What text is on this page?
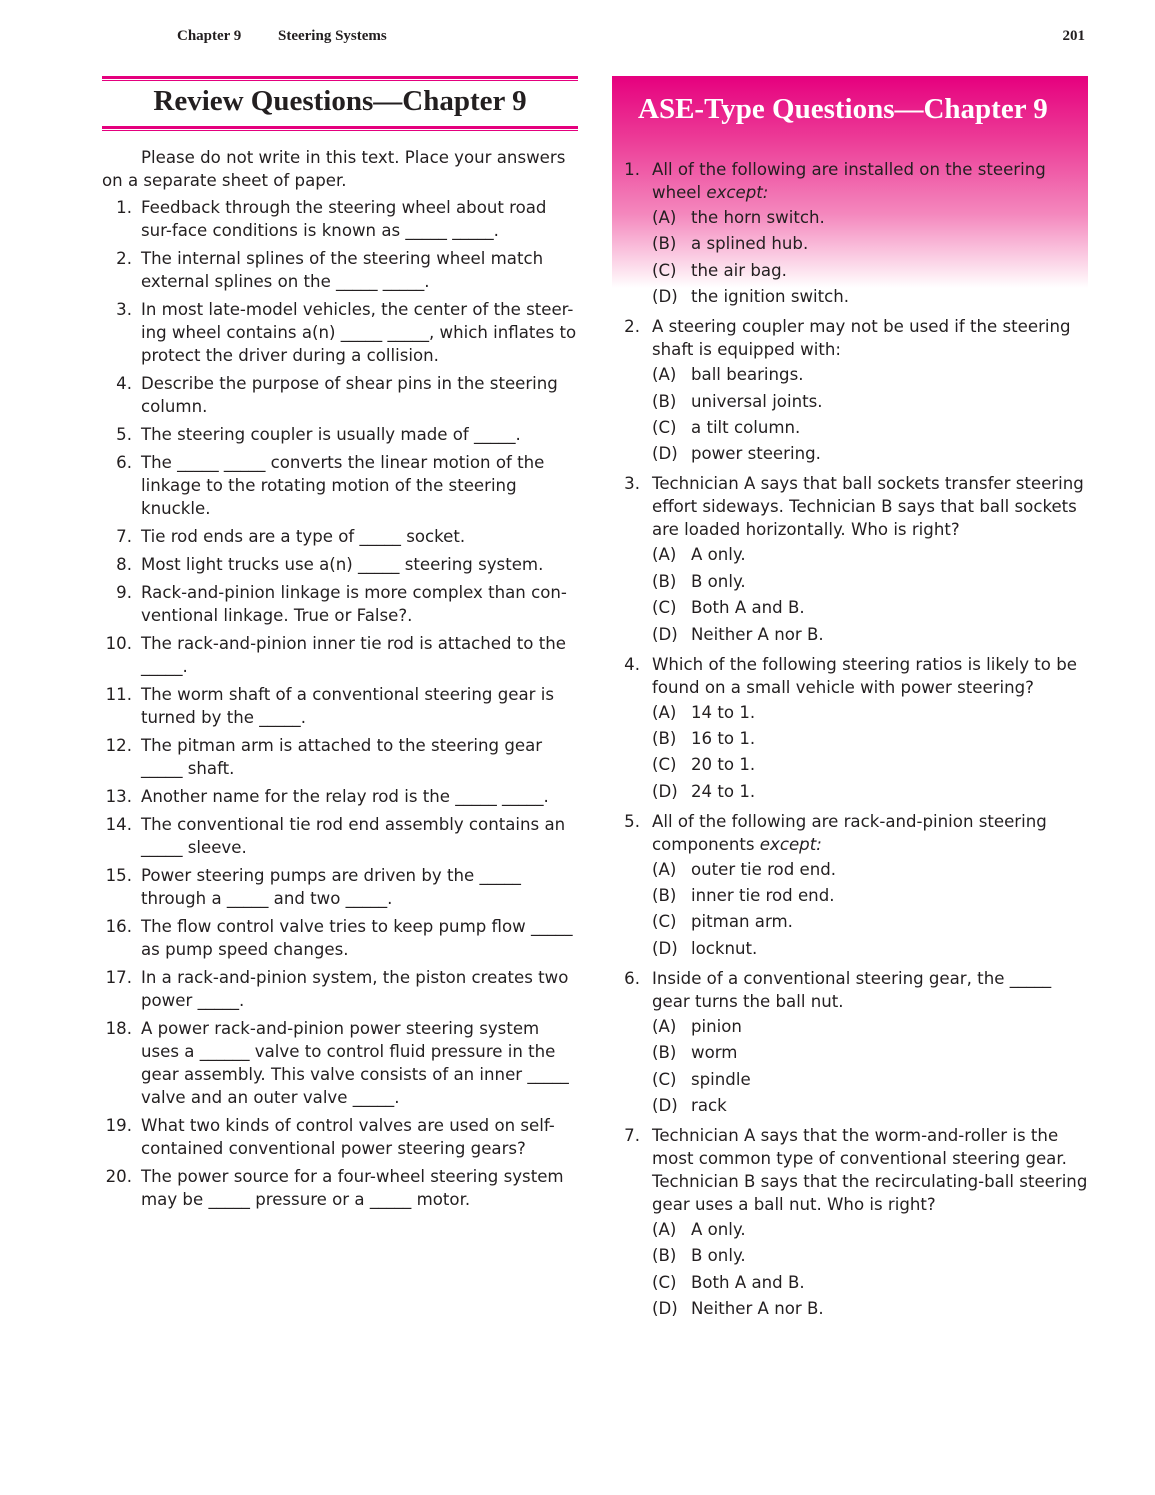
Chapter 9 Steering Systems	201
Review Questions—Chapter 9
Please do not write in this text. Place your answers on a separate sheet of paper.
1. Feedback through the steering wheel about road sur-face conditions is known as _____ _____.
2. The internal splines of the steering wheel match external splines on the _____ _____.
3. In most late-model vehicles, the center of the steer-ing wheel contains a(n) _____ _____, which inflates to protect the driver during a collision.
4. Describe the purpose of shear pins in the steering column.
5. The steering coupler is usually made of _____.
6. The _____ _____ converts the linear motion of the linkage to the rotating motion of the steering knuckle.
7. Tie rod ends are a type of _____ socket.
8. Most light trucks use a(n) _____ steering system.
9. Rack-and-pinion linkage is more complex than con-ventional linkage. True or False?.
10. The rack-and-pinion inner tie rod is attached to the _____.
11. The worm shaft of a conventional steering gear is turned by the _____.
12. The pitman arm is attached to the steering gear _____ shaft.
13. Another name for the relay rod is the _____ _____.
14. The conventional tie rod end assembly contains an _____ sleeve.
15. Power steering pumps are driven by the _____ through a _____ and two _____.
16. The flow control valve tries to keep pump flow _____ as pump speed changes.
17. In a rack-and-pinion system, the piston creates two power _____.
18. A power rack-and-pinion power steering system uses a ______ valve to control fluid pressure in the gear assembly. This valve consists of an inner _____ valve and an outer valve _____.
19. What two kinds of control valves are used on self-contained conventional power steering gears?
20. The power source for a four-wheel steering system may be _____ pressure or a _____ motor.
ASE-Type Questions—Chapter 9
1. All of the following are installed on the steering wheel except:
(A) the horn switch.
(B) a splined hub.
(C) the air bag.
(D) the ignition switch.
2. A steering coupler may not be used if the steering shaft is equipped with:
(A) ball bearings.
(B) universal joints.
(C) a tilt column.
(D) power steering.
3. Technician A says that ball sockets transfer steering effort sideways. Technician B says that ball sockets are loaded horizontally. Who is right?
(A) A only.
(B) B only.
(C) Both A and B.
(D) Neither A nor B.
4. Which of the following steering ratios is likely to be found on a small vehicle with power steering?
(A) 14 to 1.
(B) 16 to 1.
(C) 20 to 1.
(D) 24 to 1.
5. All of the following are rack-and-pinion steering components except:
(A) outer tie rod end.
(B) inner tie rod end.
(C) pitman arm.
(D) locknut.
6. Inside of a conventional steering gear, the _____ gear turns the ball nut.
(A) pinion
(B) worm
(C) spindle
(D) rack
7. Technician A says that the worm-and-roller is the most common type of conventional steering gear. Technician B says that the recirculating-ball steering gear uses a ball nut. Who is right?
(A) A only.
(B) B only.
(C) Both A and B.
(D) Neither A nor B.
